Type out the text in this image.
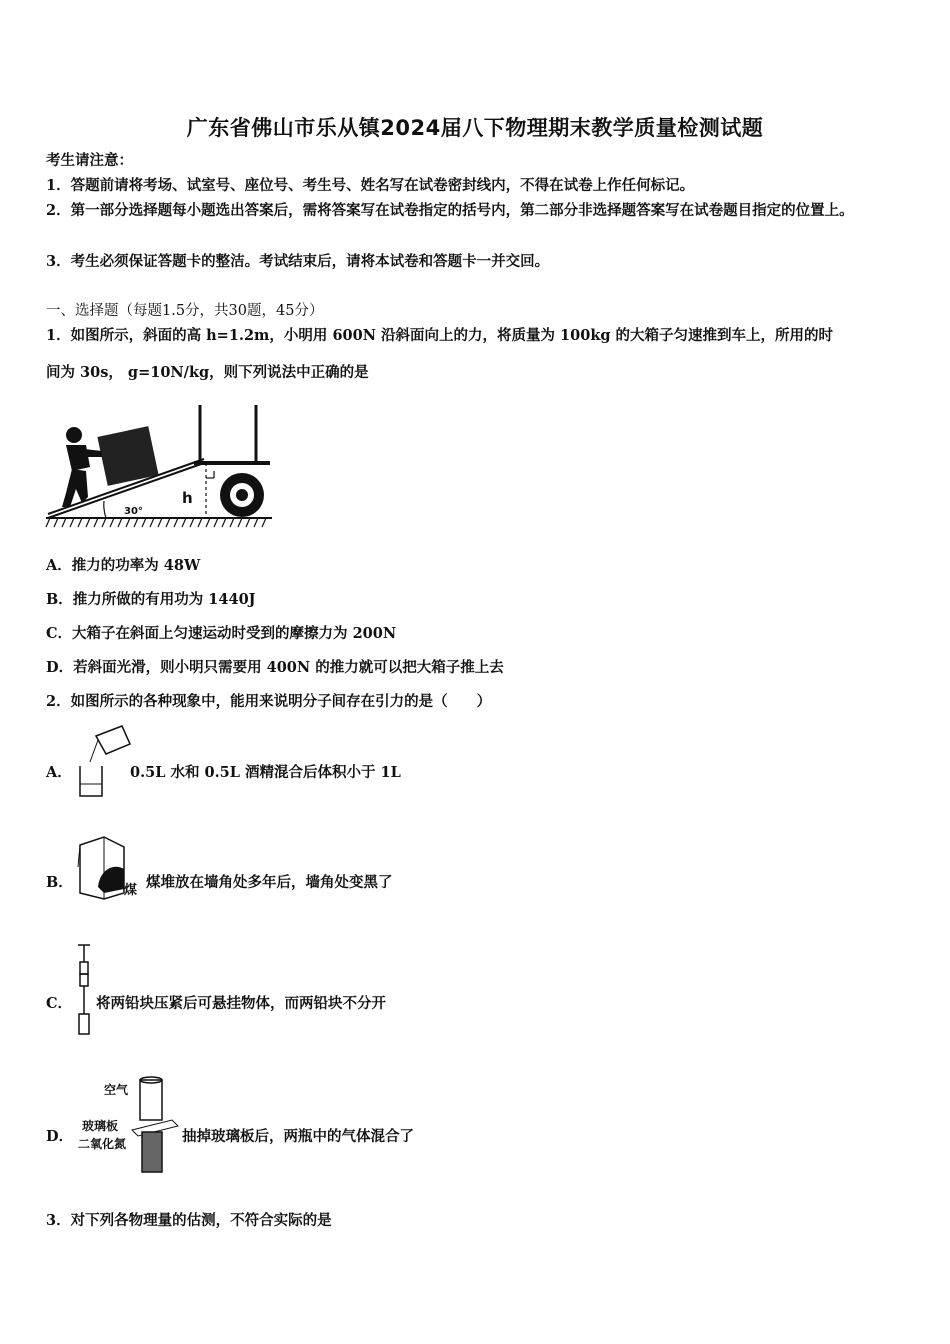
广东省佛山市乐从镇2024届八下物理期末教学质量检测试题
考生请注意：
1．答题前请将考场、试室号、座位号、考生号、姓名写在试卷密封线内，不得在试卷上作任何标记。
2．第一部分选择题每小题选出答案后，需将答案写在试卷指定的括号内，第二部分非选择题答案写在试卷题目指定的位置上。
3．考生必须保证答题卡的整洁。考试结束后，请将本试卷和答题卡一并交回。
一、选择题（每题1.5分，共30题，45分）
1．如图所示，斜面的高 h=1.2m，小明用 600N 沿斜面向上的力，将质量为 100kg 的大箱子匀速推到车上，所用的时
间为 30s， g=10N/kg，则下列说法中正确的是
30°
h
A．推力的功率为 48W
B．推力所做的有用功为 1440J
C．大箱子在斜面上匀速运动时受到的摩擦力为 200N
D．若斜面光滑，则小明只需要用 400N 的推力就可以把大箱子推上去
2．如图所示的各种现象中，能用来说明分子间存在引力的是（　　）
A．	0.5L 水和 0.5L 酒精混合后体积小于 1L
B．	煤 煤堆放在墙角处多年后，墙角处变黑了
C． 将两铅块压紧后可悬挂物体，而两铅块不分开
D．
空气
玻璃板
二氧化氮	抽掉玻璃板后，两瓶中的气体混合了
3．对下列各物理量的估测，不符合实际的是
